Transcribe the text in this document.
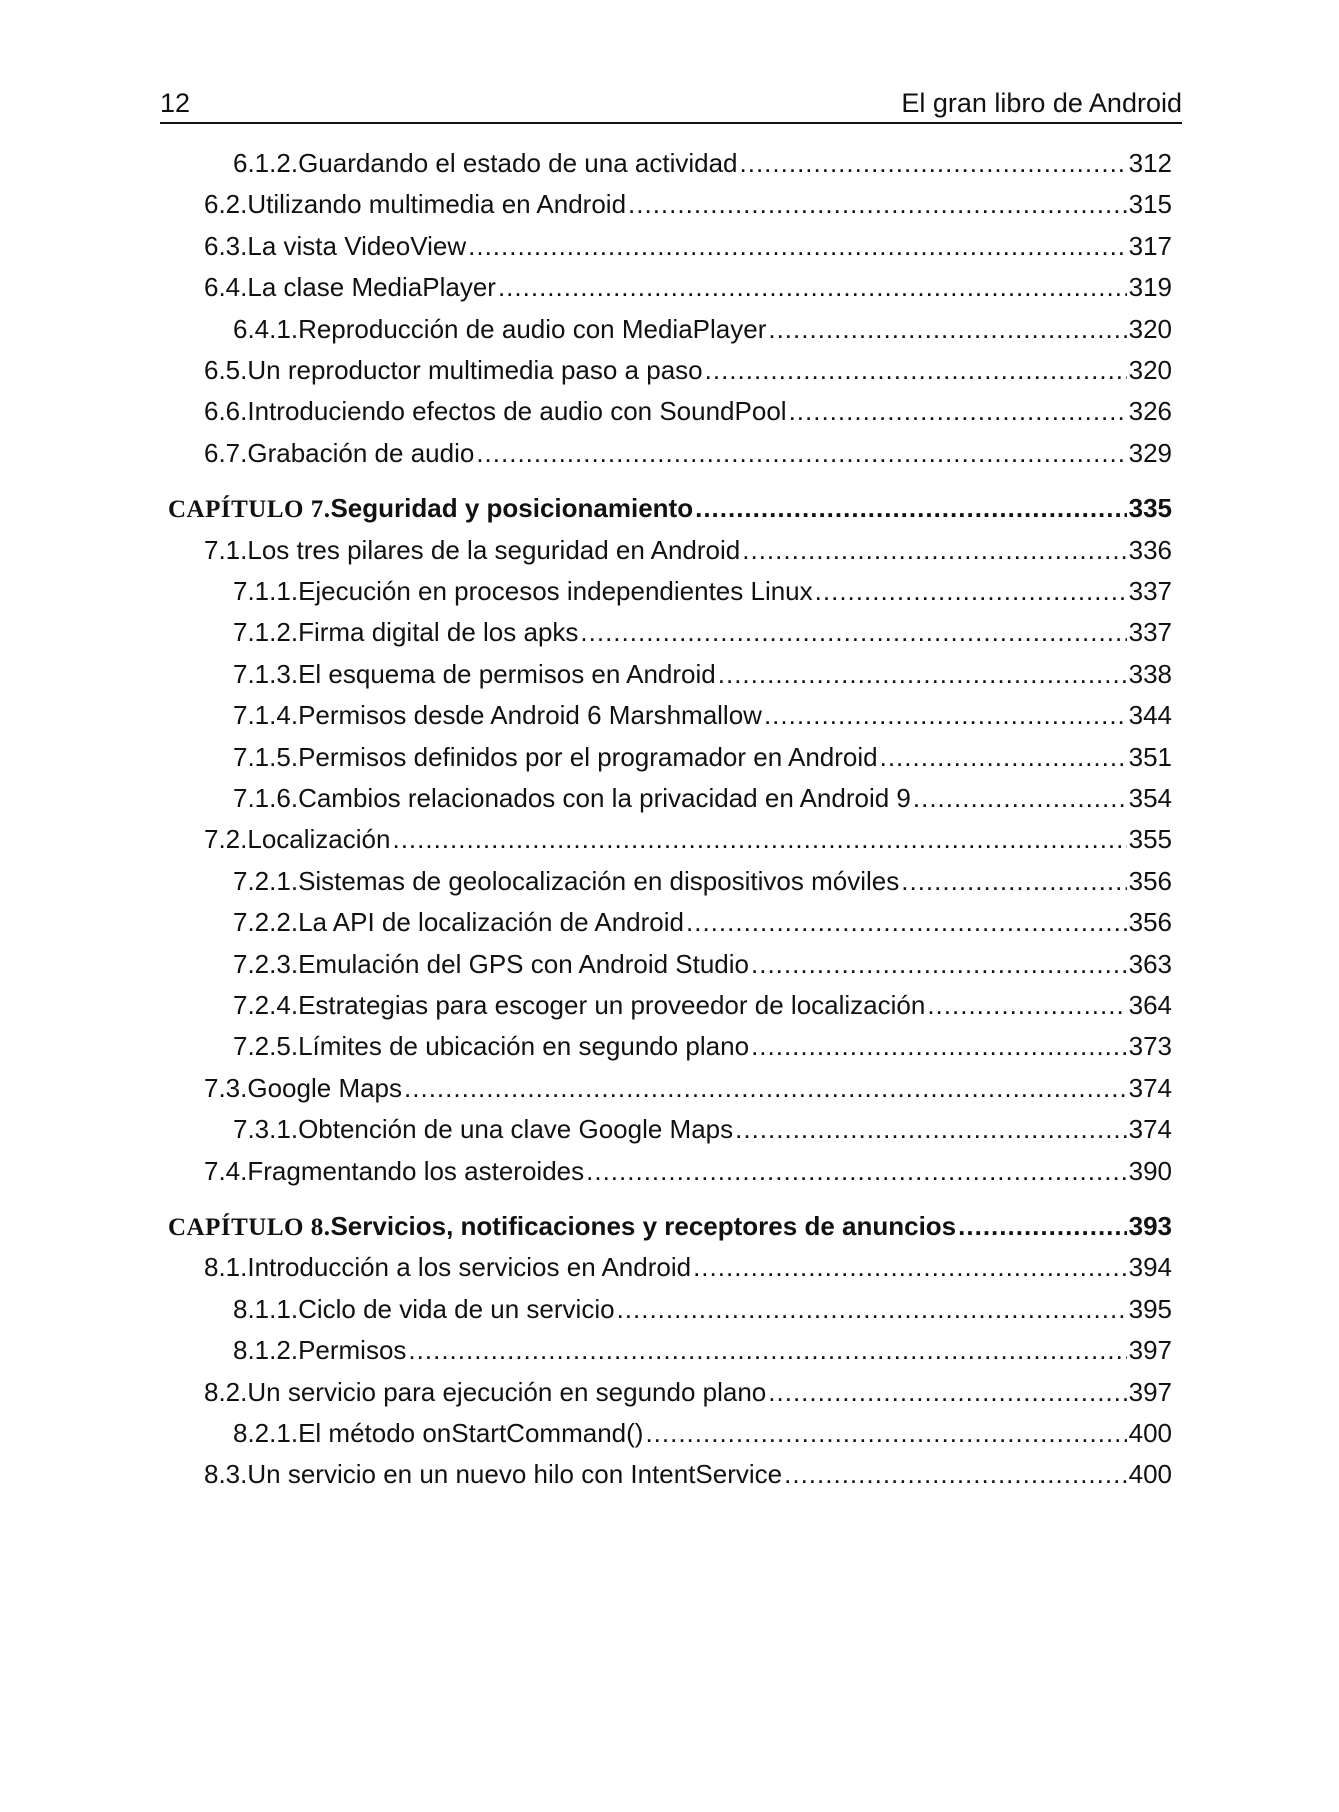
12	El gran libro de Android
6.1.2. Guardando el estado de una actividad .....	312
6.2. Utilizando multimedia en Android .....	315
6.3. La vista VideoView .....	317
6.4. La clase MediaPlayer .....	319
6.4.1. Reproducción de audio con MediaPlayer .....	320
6.5. Un reproductor multimedia paso a paso .....	320
6.6. Introduciendo efectos de audio con SoundPool .....	326
6.7. Grabación de audio .....	329
CAPÍTULO 7. Seguridad y posicionamiento .....	335
7.1. Los tres pilares de la seguridad en Android .....	336
7.1.1. Ejecución en procesos independientes Linux .....	337
7.1.2. Firma digital de los apks .....	337
7.1.3. El esquema de permisos en Android .....	338
7.1.4. Permisos desde Android 6 Marshmallow .....	344
7.1.5. Permisos definidos por el programador en Android .....	351
7.1.6. Cambios relacionados con la privacidad en Android 9 .....	354
7.2. Localización .....	355
7.2.1. Sistemas de geolocalización en dispositivos móviles .....	356
7.2.2. La API de localización de Android .....	356
7.2.3. Emulación del GPS con Android Studio .....	363
7.2.4. Estrategias para escoger un proveedor de localización .....	364
7.2.5. Límites de ubicación en segundo plano .....	373
7.3. Google Maps .....	374
7.3.1. Obtención de una clave Google Maps .....	374
7.4. Fragmentando los asteroides .....	390
CAPÍTULO 8. Servicios, notificaciones y receptores de anuncios .....	393
8.1. Introducción a los servicios en Android .....	394
8.1.1. Ciclo de vida de un servicio .....	395
8.1.2. Permisos .....	397
8.2. Un servicio para ejecución en segundo plano .....	397
8.2.1. El método onStartCommand() .....	400
8.3. Un servicio en un nuevo hilo con IntentService .....	400
